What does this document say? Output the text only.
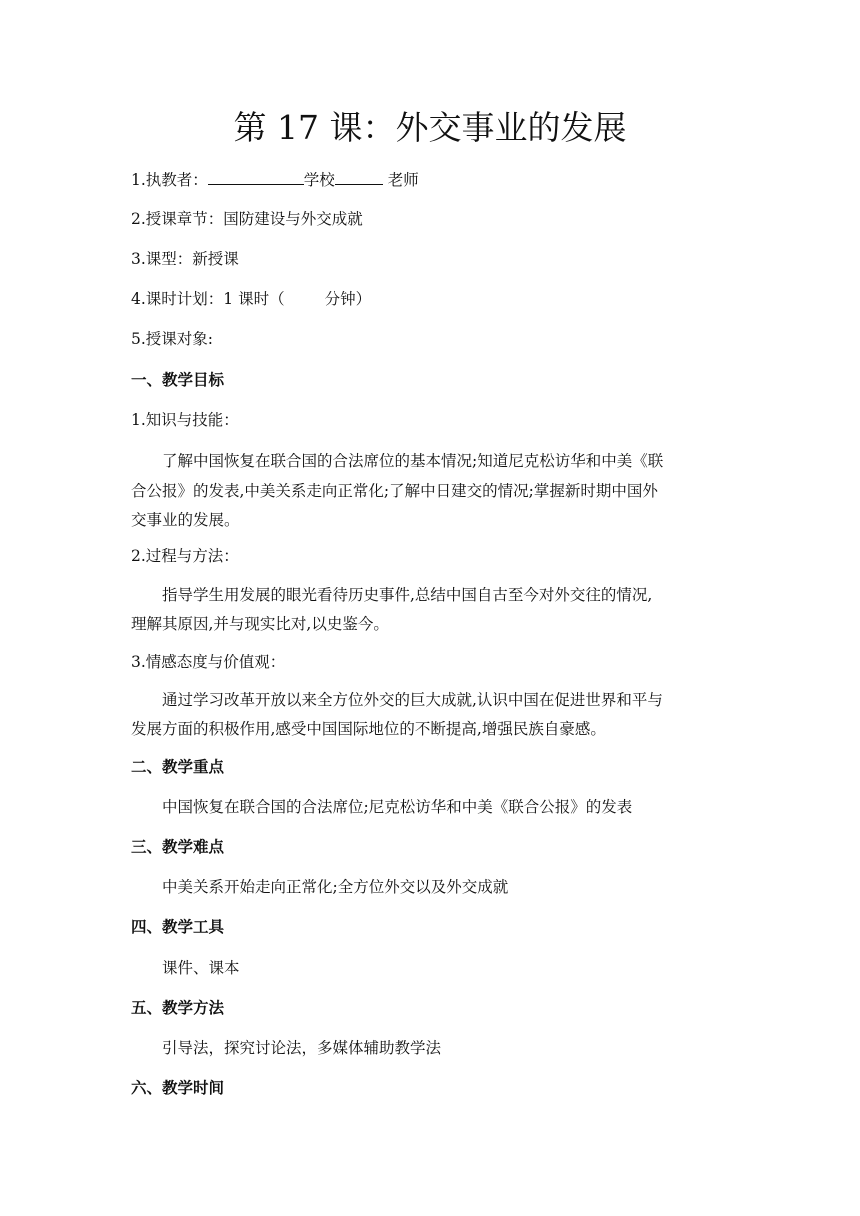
第 17 课：外交事业的发展
1.执教者：	学校	老师
2.授课章节：国防建设与外交成就
3.课型：新授课
4.课时计划：1 课时（	分钟）
5.授课对象:
一、教学目标
1.知识与技能：
了解中国恢复在联合国的合法席位的基本情况;知道尼克松访华和中美《联
合公报》的发表,中美关系走向正常化;了解中日建交的情况;掌握新时期中国外
交事业的发展。
2.过程与方法：
指导学生用发展的眼光看待历史事件,总结中国自古至今对外交往的情况,
理解其原因,并与现实比对,以史鉴今。
3.情感态度与价值观：
通过学习改革开放以来全方位外交的巨大成就,认识中国在促进世界和平与
发展方面的积极作用,感受中国国际地位的不断提高,增强民族自豪感。
二、教学重点
中国恢复在联合国的合法席位;尼克松访华和中美《联合公报》的发表
三、教学难点
中美关系开始走向正常化;全方位外交以及外交成就
四、教学工具
课件、课本
五、教学方法
引导法，探究讨论法，多媒体辅助教学法
六、教学时间
